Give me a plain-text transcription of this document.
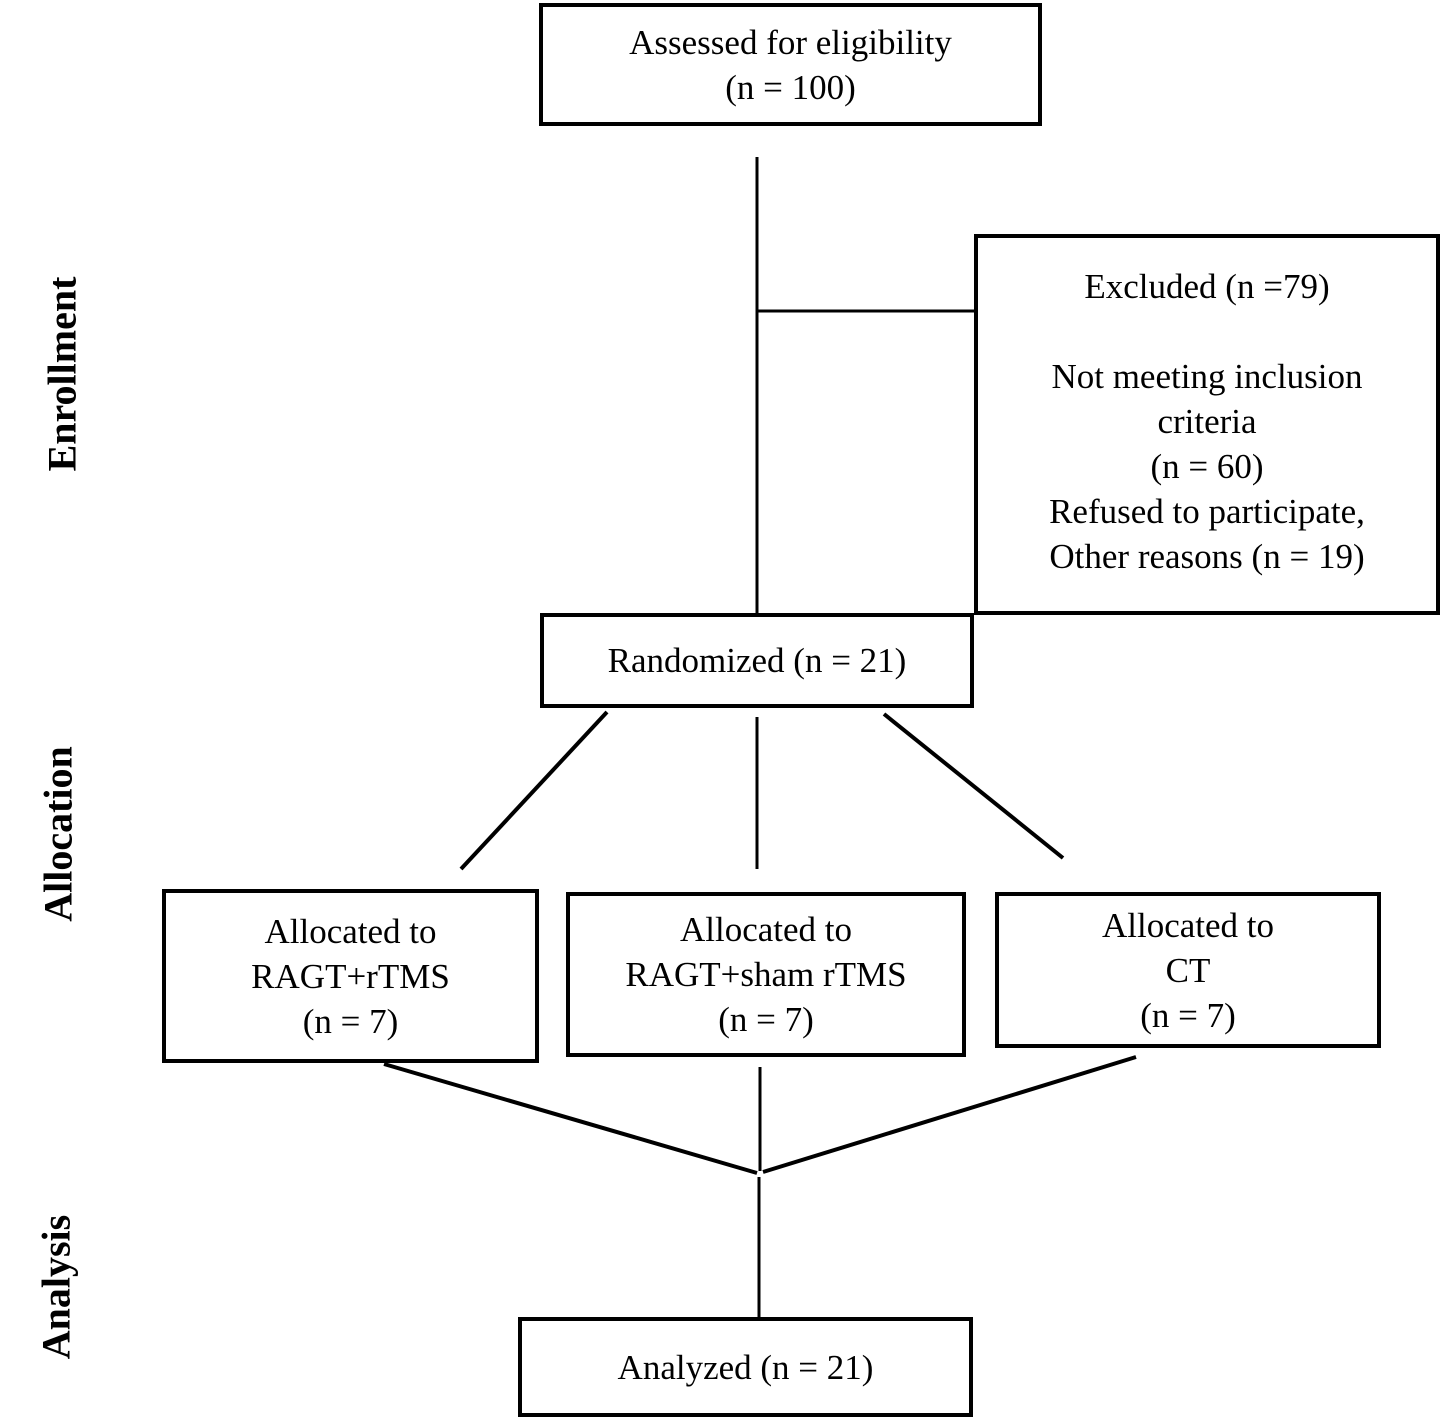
Enrollment
Allocation
Analysis
Assessed for eligibility
(n = 100)
Excluded (n =79)
Not meeting inclusion
criteria
(n = 60)
Refused to participate,
Other reasons (n = 19)
Randomized (n = 21)
Allocated to
RAGT+rTMS
(n = 7)
Allocated to
RAGT+sham rTMS
(n = 7)
Allocated to
CT
(n = 7)
Analyzed (n = 21)
